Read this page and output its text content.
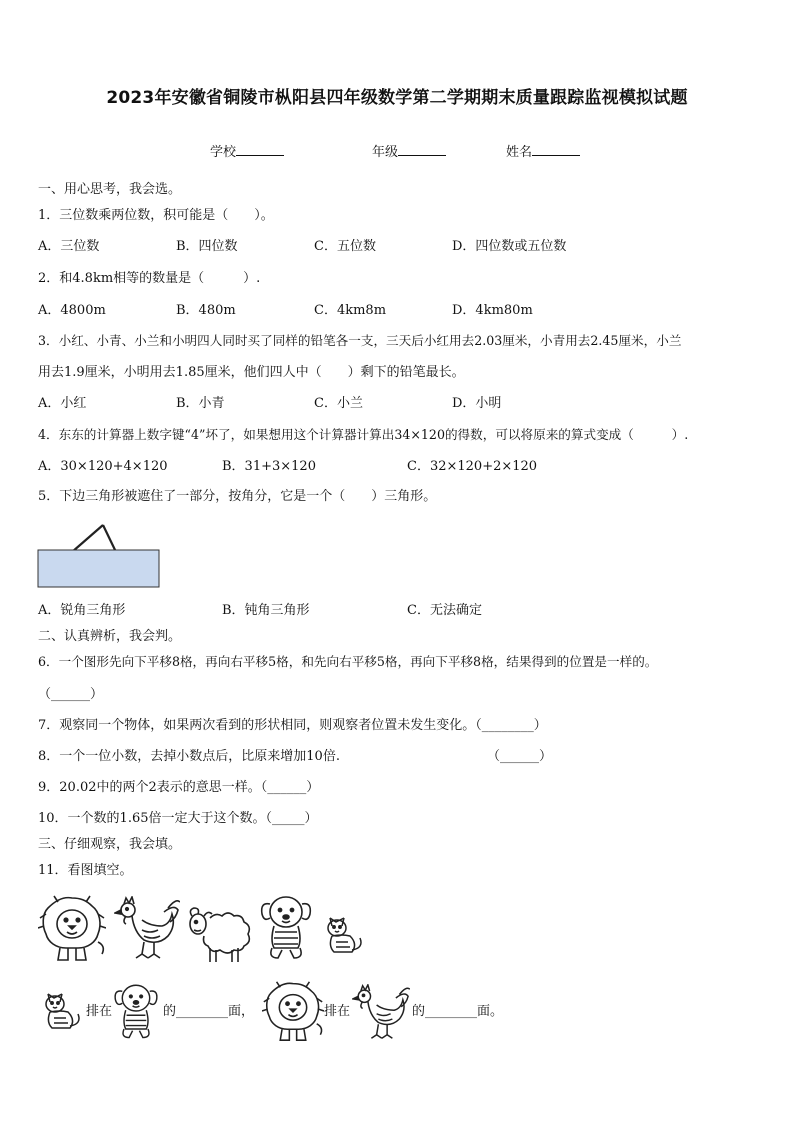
2023年安徽省铜陵市枞阳县四年级数学第二学期期末质量跟踪监视模拟试题
学校	年级	姓名
一、用心思考，我会选。
1．三位数乘两位数，积可能是（　　）。
A．三位数	B．四位数	C．五位数	D．四位数或五位数
2．和4.8km相等的数量是（　　　）.
A．4800m	B．480m	C．4km8m	D．4km80m
3．小红、小青、小兰和小明四人同时买了同样的铅笔各一支，三天后小红用去2.03厘米，小青用去2.45厘米，小兰
用去1.9厘米，小明用去1.85厘米，他们四人中（　　）剩下的铅笔最长。
A．小红	B．小青	C．小兰	D．小明
4．东东的计算器上数字键“4”坏了，如果想用这个计算器计算出34×120的得数，可以将原来的算式变成（　　　）.
A．30×120+4×120	B．31+3×120	C．32×120+2×120
5．下边三角形被遮住了一部分，按角分，它是一个（　　）三角形。
A．锐角三角形	B．钝角三角形	C．无法确定
二、认真辨析，我会判。
6．一个图形先向下平移8格，再向右平移5格，和先向右平移5格，再向下平移8格，结果得到的位置是一样的。
（______）
7．观察同一个物体，如果两次看到的形状相同，则观察者位置未发生变化。（________）
8．一个一位小数，去掉小数点后，比原来增加10倍.	（______）
9．20.02中的两个2表示的意思一样。（______）
10．一个数的1.65倍一定大于这个数。（_____）
三、仔细观察，我会填。
11．看图填空。
排在	的________面，	排在	的________面。
